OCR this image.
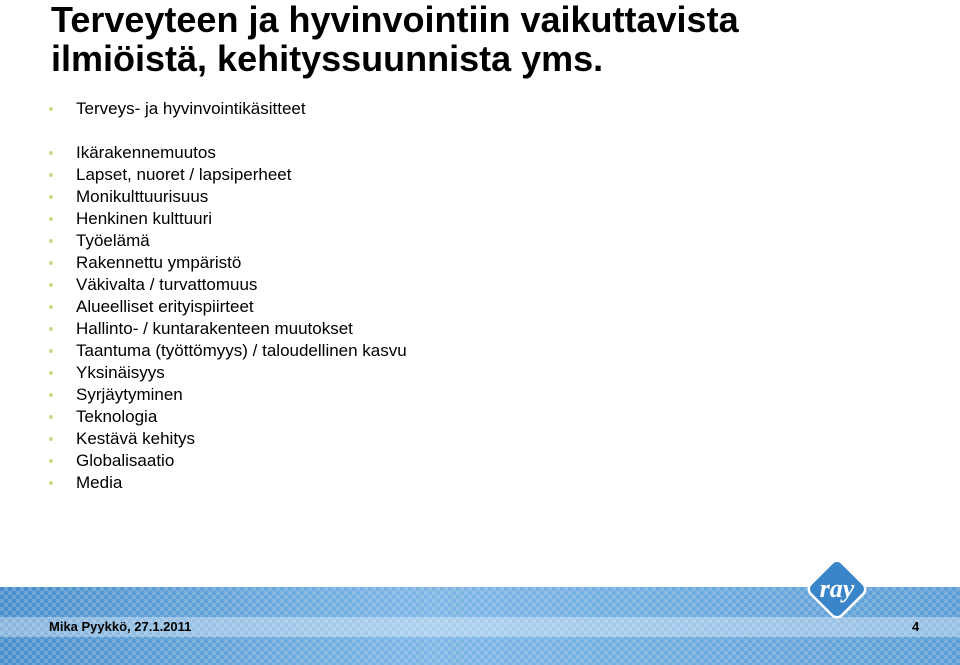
Terveyteen ja hyvinvointiin vaikuttavista
ilmiöistä, kehityssuunnista yms.
Terveys- ja hyvinvointikäsitteet
Ikärakennemuutos
Lapset, nuoret / lapsiperheet
Monikulttuurisuus
Henkinen kulttuuri
Työelämä
Rakennettu ympäristö
Väkivalta / turvattomuus
Alueelliset erityispiirteet
Hallinto- / kuntarakenteen muutokset
Taantuma (työttömyys) / taloudellinen kasvu
Yksinäisyys
Syrjäytyminen
Teknologia
Kestävä kehitys
Globalisaatio
Media
ray
Mika Pyykkö, 27.1.2011	4
